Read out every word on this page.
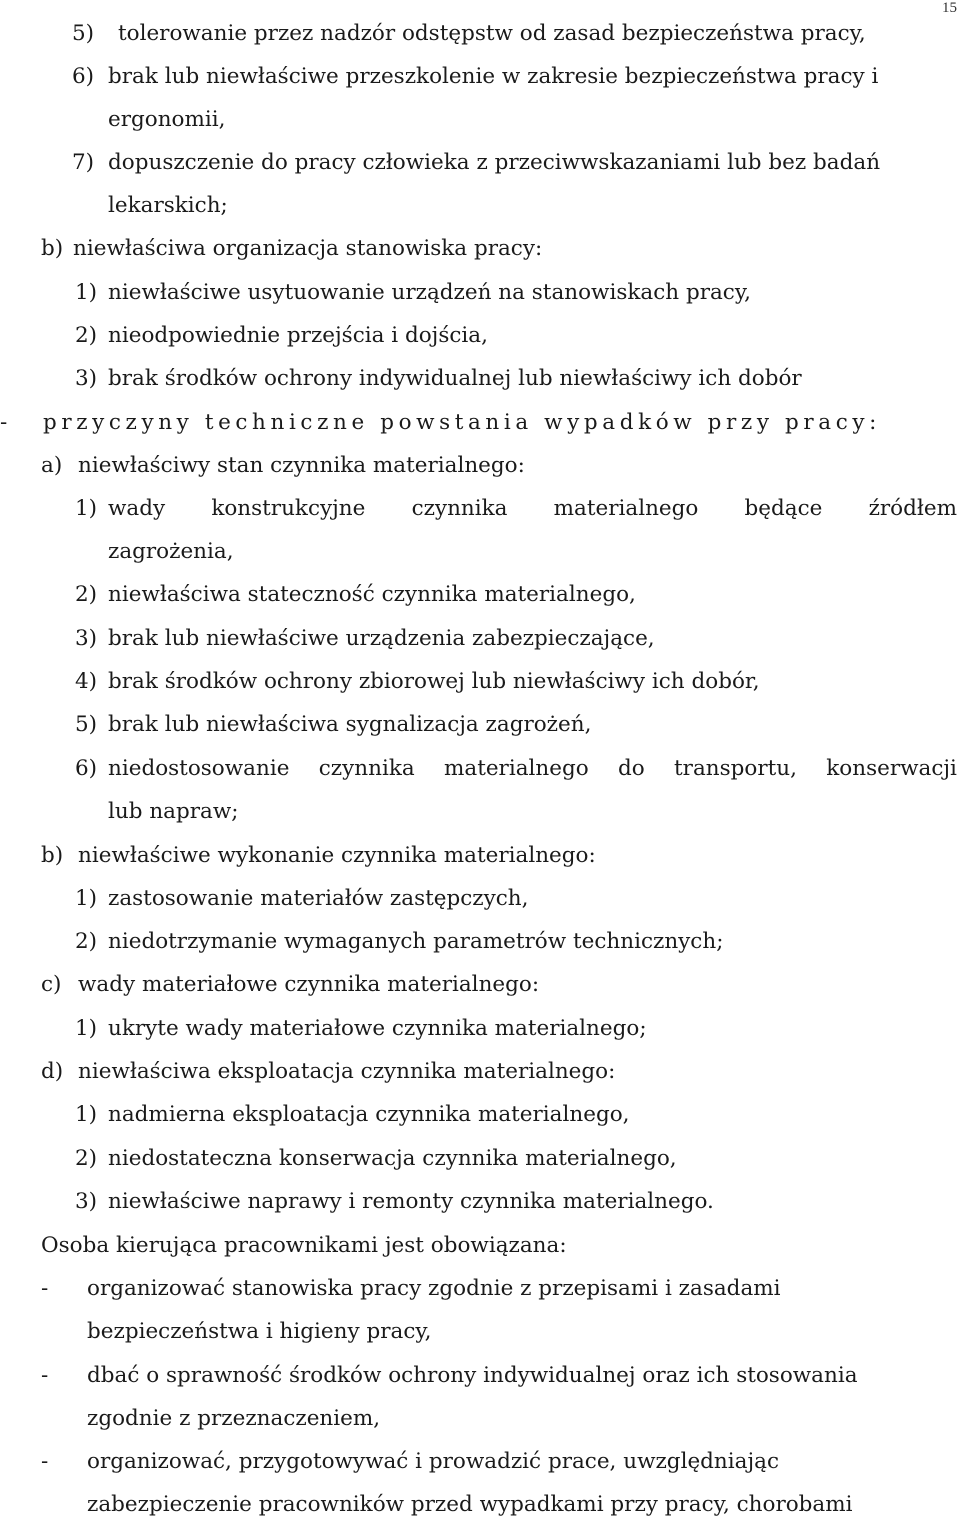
15
5) tolerowanie przez nadzór odstępstw od zasad bezpieczeństwa pracy,
6) brak lub niewłaściwe przeszkolenie w zakresie bezpieczeństwa pracy i
ergonomii,
7) dopuszczenie do pracy człowieka z przeciwwskazaniami lub bez badań
lekarskich;
b) niewłaściwa organizacja stanowiska pracy:
1) niewłaściwe usytuowanie urządzeń na stanowiskach pracy,
2) nieodpowiednie przejścia i dojścia,
3) brak środków ochrony indywidualnej lub niewłaściwy ich dobór
- przyczyny techniczne powstania wypadków przy pracy:
a) niewłaściwy stan czynnika materialnego:
1) wady konstrukcyjne czynnika materialnego będące źródłem
zagrożenia,
2) niewłaściwa stateczność czynnika materialnego,
3) brak lub niewłaściwe urządzenia zabezpieczające,
4) brak środków ochrony zbiorowej lub niewłaściwy ich dobór,
5) brak lub niewłaściwa sygnalizacja zagrożeń,
6) niedostosowanie czynnika materialnego do transportu, konserwacji
lub napraw;
b) niewłaściwe wykonanie czynnika materialnego:
1) zastosowanie materiałów zastępczych,
2) niedotrzymanie wymaganych parametrów technicznych;
c) wady materiałowe czynnika materialnego:
1) ukryte wady materiałowe czynnika materialnego;
d) niewłaściwa eksploatacja czynnika materialnego:
1) nadmierna eksploatacja czynnika materialnego,
2) niedostateczna konserwacja czynnika materialnego,
3) niewłaściwe naprawy i remonty czynnika materialnego.
Osoba kierująca pracownikami jest obowiązana:
- organizować stanowiska pracy zgodnie z przepisami i zasadami
bezpieczeństwa i higieny pracy,
- dbać o sprawność środków ochrony indywidualnej oraz ich stosowania
zgodnie z przeznaczeniem,
- organizować, przygotowywać i prowadzić prace, uwzględniając
zabezpieczenie pracowników przed wypadkami przy pracy, chorobami
